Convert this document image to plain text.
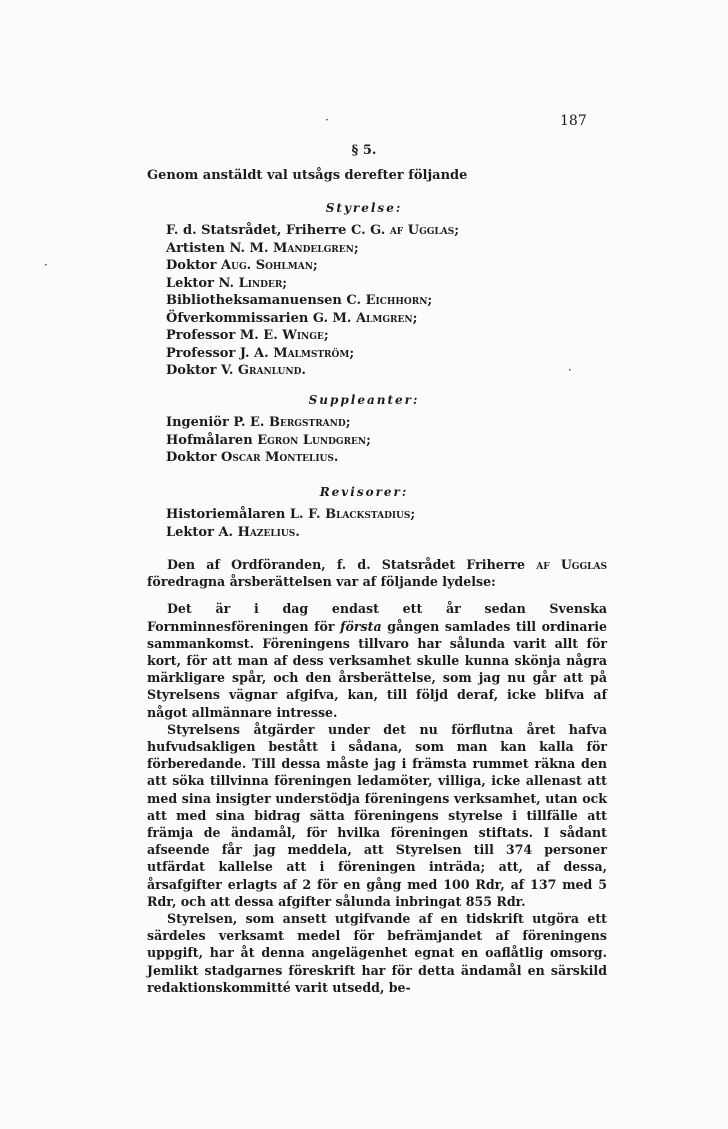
187
·
·
·
§ 5.
Genom anstäldt val utsågs derefter följande
Styrelse:
F. d. Statsrådet, Friherre C. G. af Ugglas;
Artisten N. M. Mandelgren;
Doktor Aug. Sohlman;
Lektor N. Linder;
Bibliotheksamanuensen C. Eichhorn;
Öfverkommissarien G. M. Almgren;
Professor M. E. Winge;
Professor J. A. Malmström;
Doktor V. Granlund.
Suppleanter:
Ingeniör P. E. Bergstrand;
Hofmålaren Egron Lundgren;
Doktor Oscar Montelius.
Revisorer:
Historiemålaren L. F. Blackstadius;
Lektor A. Hazelius.

Den af Ordföranden, f. d. Statsrådet Friherre af Ugglas föredragna årsberättelsen var af följande lydelse:

Det är i dag endast ett år sedan Svenska Fornminnesföreningen för första gången samlades till ordinarie sammankomst. Föreningens tillvaro har sålunda varit allt för kort, för att man af dess verksamhet skulle kunna skönja några märkligare spår, och den årsberättelse, som jag nu går att på Styrelsens vägnar afgifva, kan, till följd deraf, icke blifva af något allmännare intresse.

Styrelsens åtgärder under det nu förflutna året hafva hufvudsakligen bestått i sådana, som man kan kalla för förberedande. Till dessa måste jag i främsta rummet räkna den att söka tillvinna föreningen ledamöter, villiga, icke allenast att med sina insigter understödja föreningens verksamhet, utan ock att med sina bidrag sätta föreningens styrelse i tillfälle att främja de ändamål, för hvilka föreningen stiftats. I sådant afseende får jag meddela, att Styrelsen till 374 personer utfärdat kallelse att i föreningen inträda; att, af dessa, årsafgifter erlagts af 2 för en gång med 100 Rdr, af 137 med 5 Rdr, och att dessa afgifter sålunda inbringat 855 Rdr.

Styrelsen, som ansett utgifvande af en tidskrift utgöra ett särdeles verksamt medel för befrämjandet af föreningens uppgift, har åt denna angelägenhet egnat en oaflåtlig omsorg. Jemlikt stadgarnes föreskrift har för detta ändamål en särskild redaktionskommitté varit utsedd, be-
